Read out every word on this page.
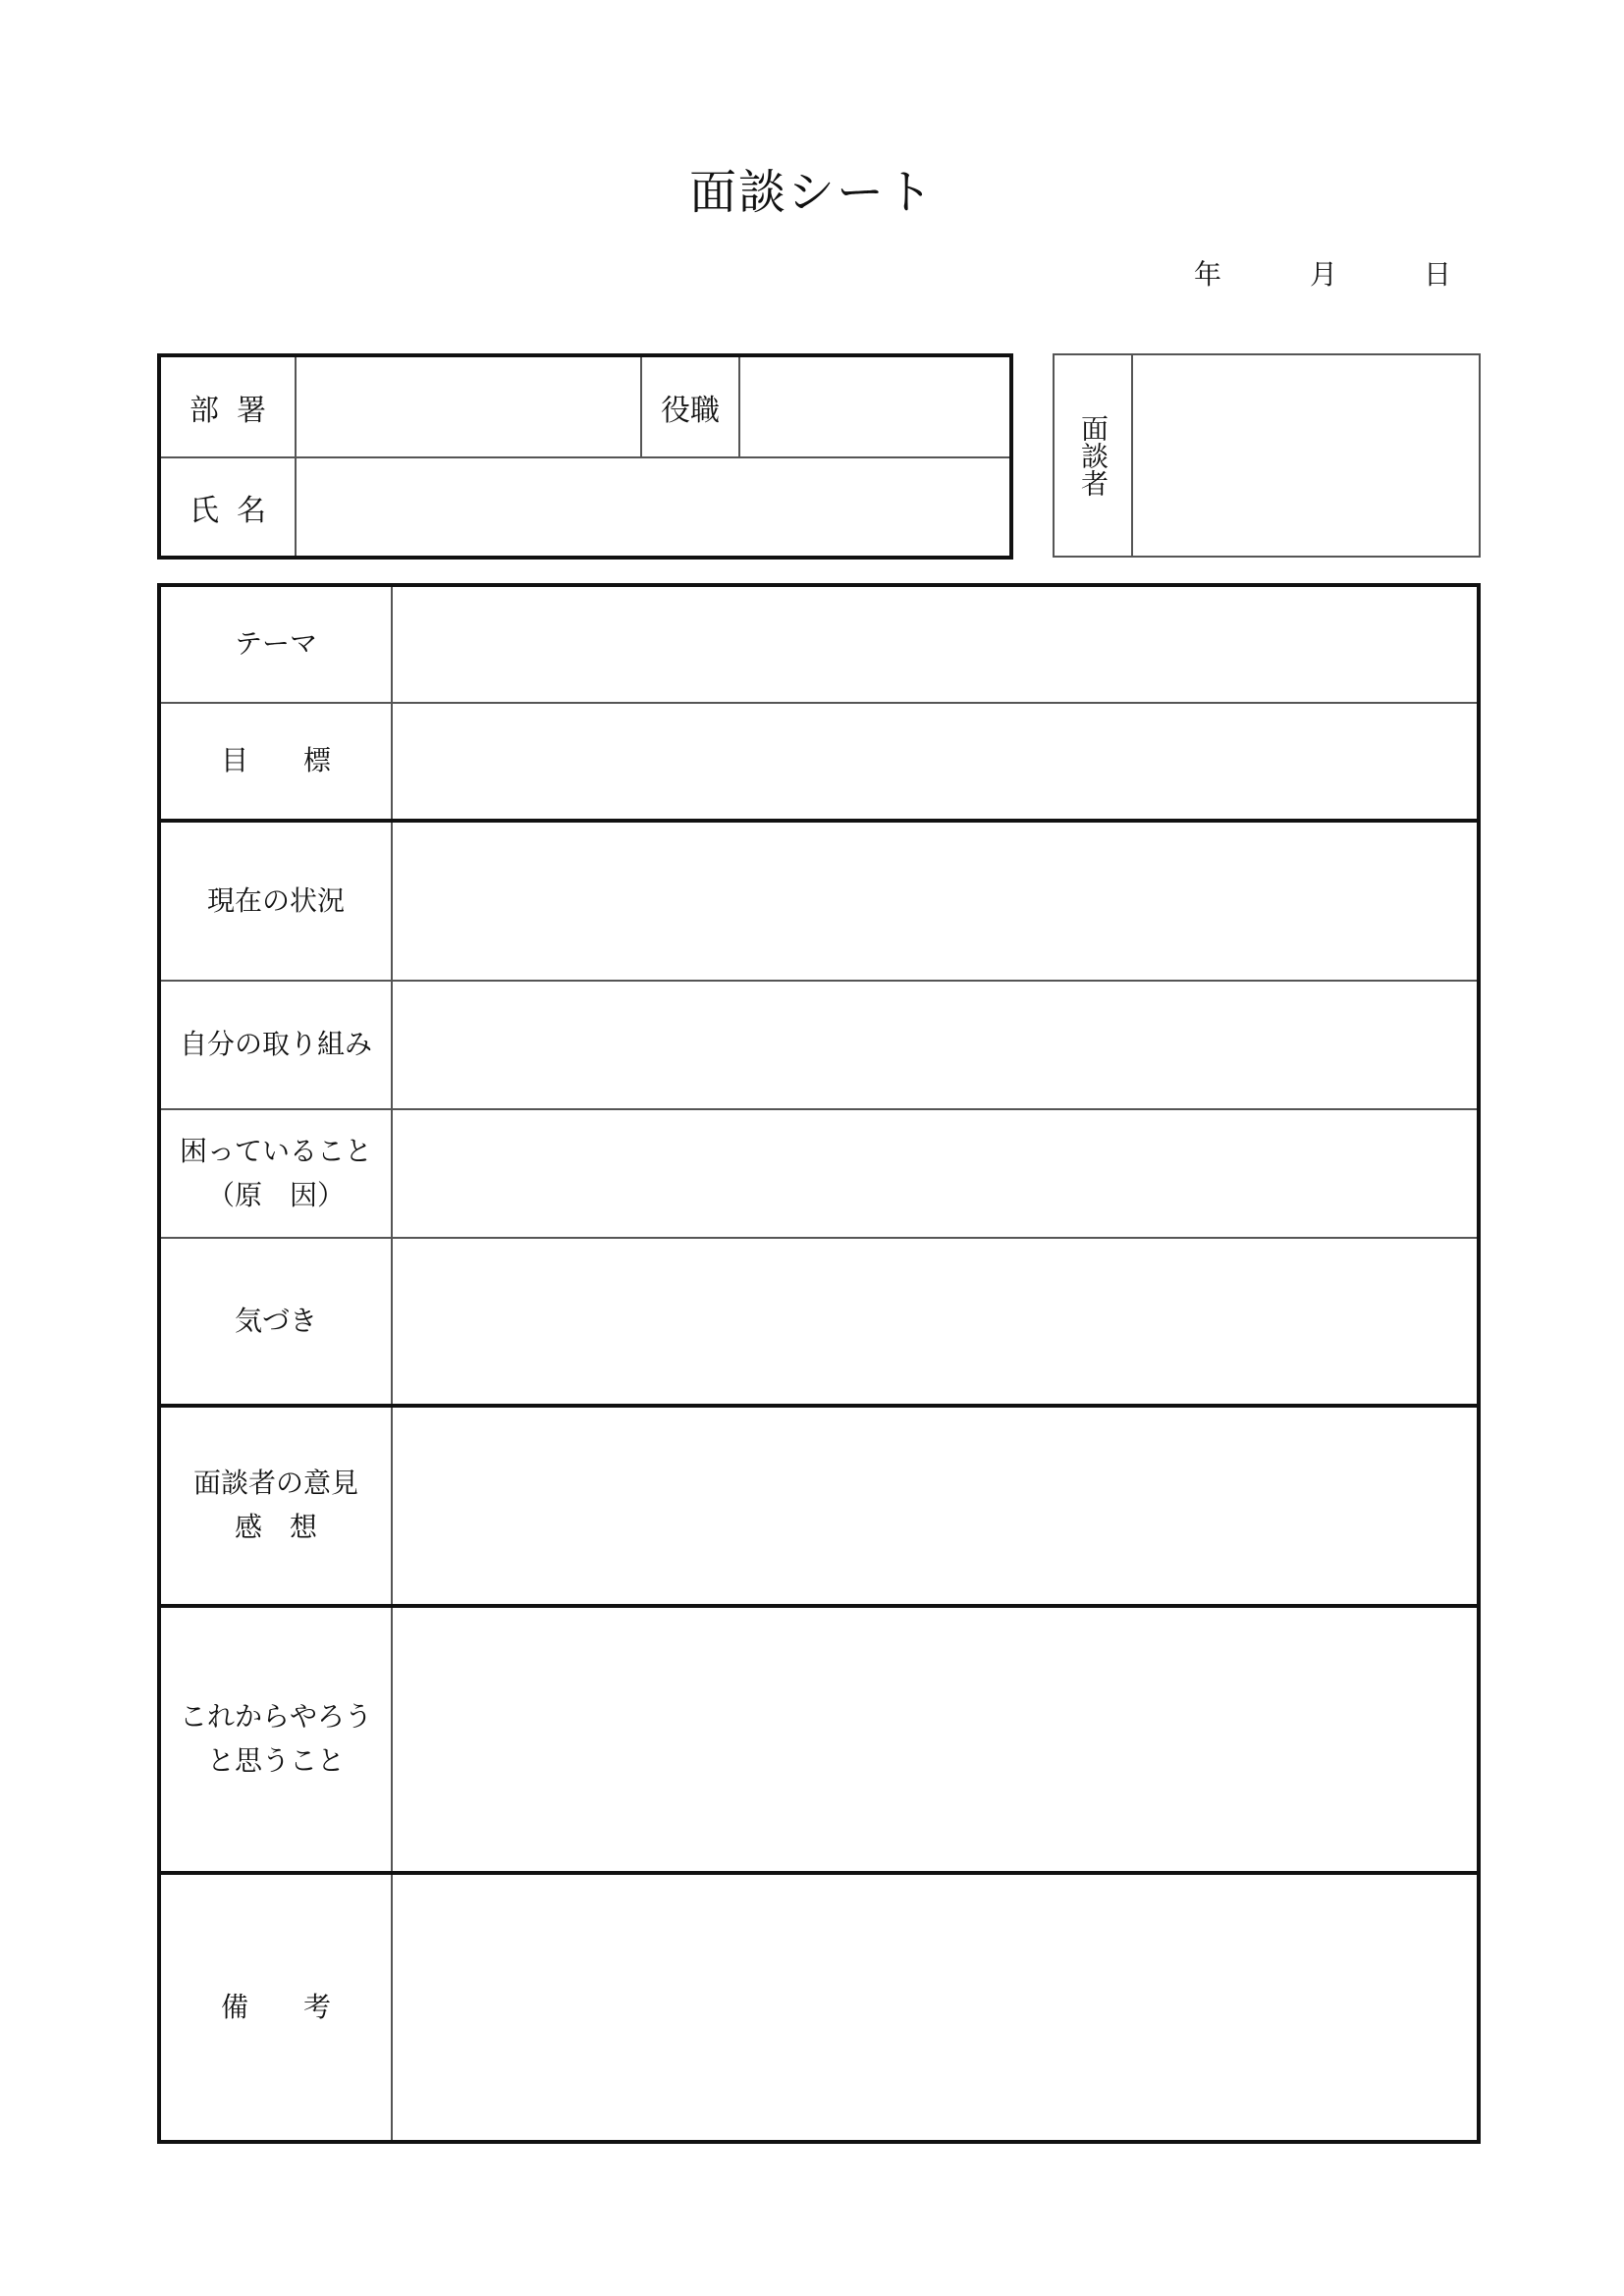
面談シート
年	月	日
部署	役職
氏名
面談者
テーマ
目　　標
現在の状況
自分の取り組み
困っていること
（原　因）
気づき
面談者の意見
感　想
これからやろう
と思うこと
備　　考
